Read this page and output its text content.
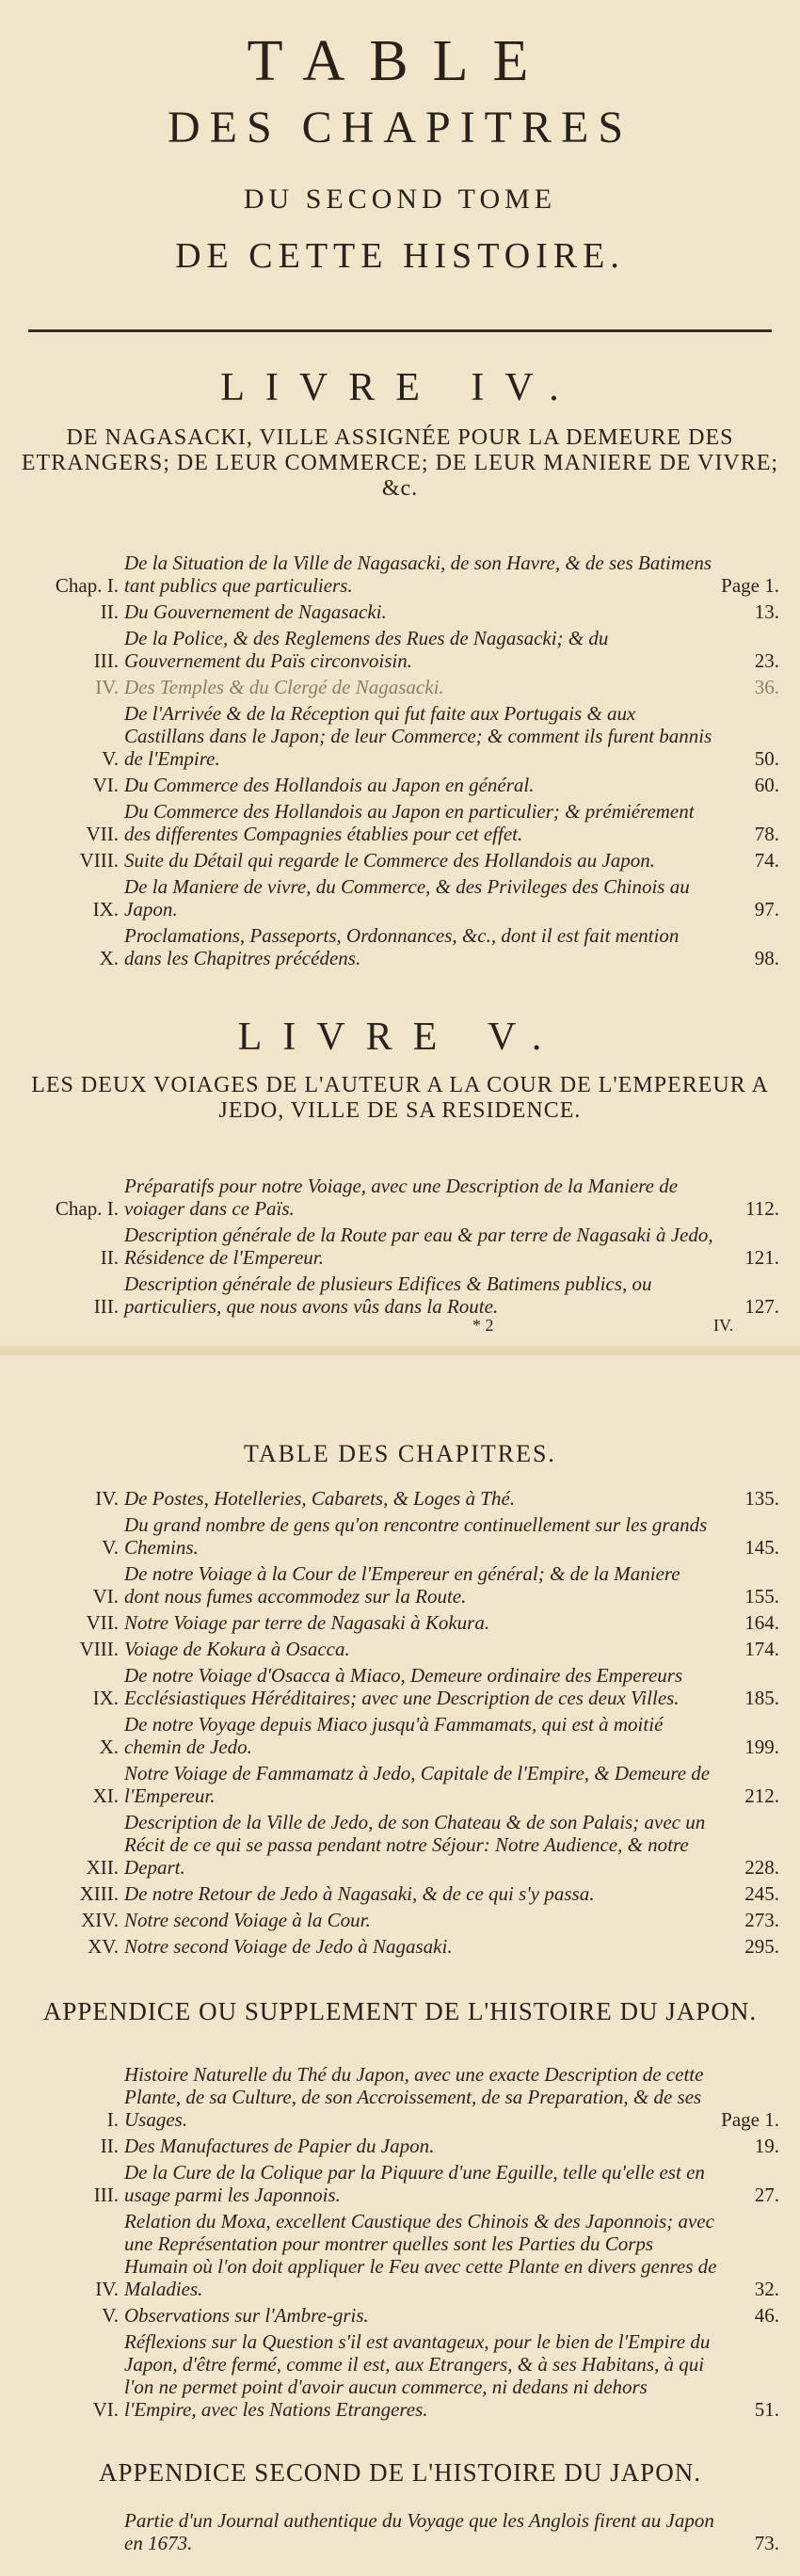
TABLE
DES CHAPITRES
DU SECOND TOME
DE CETTE HISTOIRE.
LIVRE IV.
DE NAGASACKI, VILLE ASSIGNÉE POUR LA DEMEURE DES ETRANGERS; DE LEUR COMMERCE; DE LEUR MANIERE DE VIVRE; &c.
Chap. I.
De la Situation de la Ville de Nagasacki, de son Havre, & de ses Batimens tant publics que particuliers.	Page 1.
II. Du Gouvernement de Nagasacki.	13.
III.
De la Police, & des Reglemens des Rues de Nagasacki; & du Gouvernement du Païs circonvoisin.	23.
IV. Des Temples & du Clergé de Nagasacki.	36.
V.
De l'Arrivée & de la Réception qui fut faite aux Portugais & aux Castillans dans le Japon; de leur Commerce; & comment ils furent bannis de l'Empire.	50.
VI. Du Commerce des Hollandois au Japon en général.	60.
VII.
Du Commerce des Hollandois au Japon en particulier; & prémiérement des differentes Compagnies établies pour cet effet.	78.
VIII. Suite du Détail qui regarde le Commerce des Hollandois au Japon.	74.
IX.
De la Maniere de vivre, du Commerce, & des Privileges des Chinois au Japon.	97.
X.
Proclamations, Passeports, Ordonnances, &c., dont il est fait mention dans les Chapitres précédens.	98.
LIVRE V.
LES DEUX VOIAGES DE L'AUTEUR A LA COUR DE L'EMPEREUR A JEDO, VILLE DE SA RESIDENCE.
Chap. I.
Préparatifs pour notre Voiage, avec une Description de la Maniere de voiager dans ce Païs.	112.
II.
Description générale de la Route par eau & par terre de Nagasaki à Jedo, Résidence de l'Empereur.	121.
III.
Description générale de plusieurs Edifices & Batimens publics, ou particuliers, que nous avons vûs dans la Route.	127.
* 2	IV.
TABLE DES CHAPITRES.
IV. De Postes, Hotelleries, Cabarets, & Loges à Thé.	135.
V.
Du grand nombre de gens qu'on rencontre continuellement sur les grands Chemins.	145.
VI.
De notre Voiage à la Cour de l'Empereur en général; & de la Maniere dont nous fumes accommodez sur la Route.	155.
VII. Notre Voiage par terre de Nagasaki à Kokura.	164.
VIII. Voiage de Kokura à Osacca.	174.
IX.
De notre Voiage d'Osacca à Miaco, Demeure ordinaire des Empereurs Ecclésiastiques Héréditaires; avec une Description de ces deux Villes.	185.
X.
De notre Voyage depuis Miaco jusqu'à Fammamats, qui est à moitié chemin de Jedo.	199.
XI.
Notre Voiage de Fammamatz à Jedo, Capitale de l'Empire, & Demeure de l'Empereur.	212.
XII.
Description de la Ville de Jedo, de son Chateau & de son Palais; avec un Récit de ce qui se passa pendant notre Séjour: Notre Audience, & notre Depart.	228.
XIII. De notre Retour de Jedo à Nagasaki, & de ce qui s'y passa.	245.
XIV. Notre second Voiage à la Cour.	273.
XV. Notre second Voiage de Jedo à Nagasaki.	295.
APPENDICE OU SUPPLEMENT DE L'HISTOIRE DU JAPON.
I.
Histoire Naturelle du Thé du Japon, avec une exacte Description de cette Plante, de sa Culture, de son Accroissement, de sa Preparation, & de ses Usages.	Page 1.
II. Des Manufactures de Papier du Japon.	19.
III.
De la Cure de la Colique par la Piquure d'une Eguille, telle qu'elle est en usage parmi les Japonnois.	27.
IV.
Relation du Moxa, excellent Caustique des Chinois & des Japonnois; avec une Représentation pour montrer quelles sont les Parties du Corps Humain où l'on doit appliquer le Feu avec cette Plante en divers genres de Maladies.	32.
V. Observations sur l'Ambre-gris.	46.
VI.
Réflexions sur la Question s'il est avantageux, pour le bien de l'Empire du Japon, d'être fermé, comme il est, aux Etrangers, & à ses Habitans, à qui l'on ne permet point d'avoir aucun commerce, ni dedans ni dehors l'Empire, avec les Nations Etrangeres.	51.
APPENDICE SECOND DE L'HISTOIRE DU JAPON.
Partie d'un Journal authentique du Voyage que les Anglois firent au Japon en 1673.	73.
